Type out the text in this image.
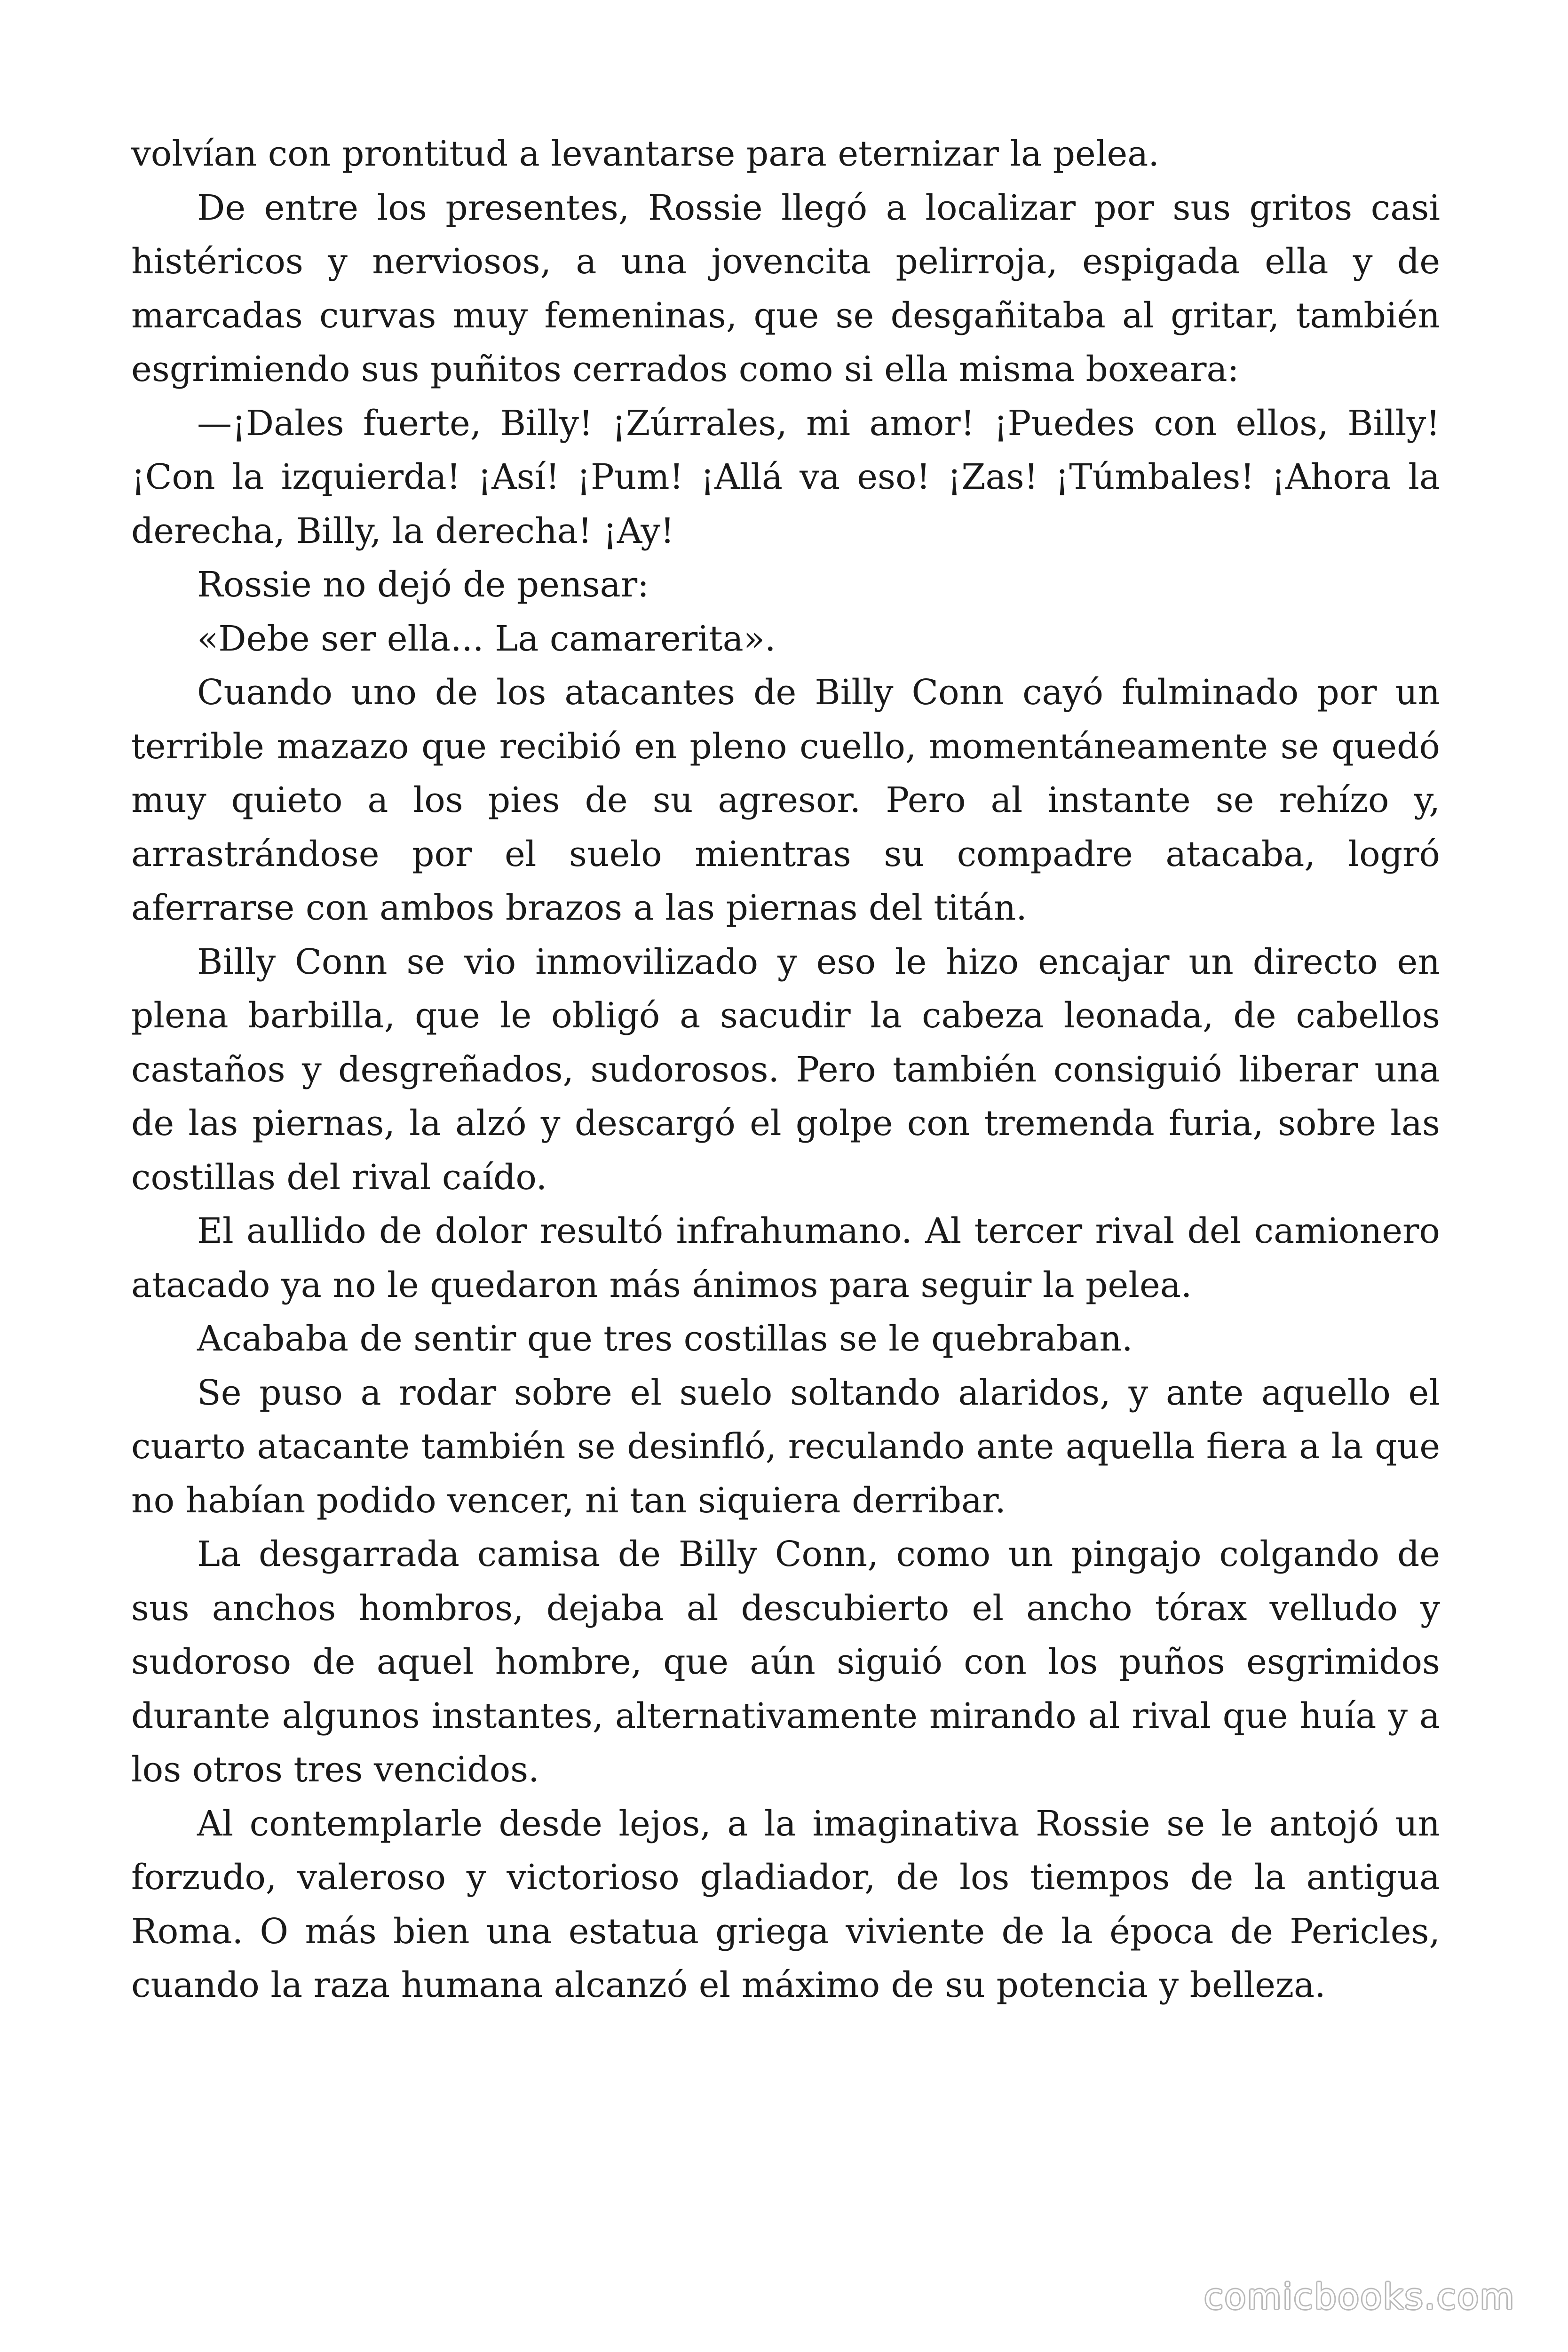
volvían con prontitud a levantarse para eternizar la pelea.

De entre los presentes, Rossie llegó a localizar por sus gritos casi histéricos y nerviosos, a una jovencita pelirroja, espigada ella y de marcadas curvas muy femeninas, que se desgañitaba al gritar, también esgrimiendo sus puñitos cerrados como si ella misma boxeara:

—¡Dales fuerte, Billy! ¡Zúrrales, mi amor! ¡Puedes con ellos, Billy! ¡Con la izquierda! ¡Así! ¡Pum! ¡Allá va eso! ¡Zas! ¡Túmbales! ¡Ahora la derecha, Billy, la derecha! ¡Ay!

Rossie no dejó de pensar:

«Debe ser ella... La camarerita».

Cuando uno de los atacantes de Billy Conn cayó fulminado por un terrible mazazo que recibió en pleno cuello, momentáneamente se quedó muy quieto a los pies de su agresor. Pero al instante se rehízo y, arrastrándose por el suelo mientras su compadre atacaba, logró aferrarse con ambos brazos a las piernas del titán.

Billy Conn se vio inmovilizado y eso le hizo encajar un directo en plena barbilla, que le obligó a sacudir la cabeza leonada, de cabellos castaños y desgreñados, sudorosos. Pero también consiguió liberar una de las piernas, la alzó y descargó el golpe con tremenda furia, sobre las costillas del rival caído.

El aullido de dolor resultó infrahumano. Al tercer rival del camionero atacado ya no le quedaron más ánimos para seguir la pelea.

Acababa de sentir que tres costillas se le quebraban.

Se puso a rodar sobre el suelo soltando alaridos, y ante aquello el cuarto atacante también se desinfló, reculando ante aquella fiera a la que no habían podido vencer, ni tan siquiera derribar.

La desgarrada camisa de Billy Conn, como un pingajo colgando de sus anchos hombros, dejaba al descubierto el ancho tórax velludo y sudoroso de aquel hombre, que aún siguió con los puños esgrimidos durante algunos instantes, alternativamente mirando al rival que huía y a los otros tres vencidos.

Al contemplarle desde lejos, a la imaginativa Rossie se le antojó un forzudo, valeroso y victorioso gladiador, de los tiempos de la antigua Roma. O más bien una estatua griega viviente de la época de Pericles, cuando la raza humana alcanzó el máximo de su potencia y belleza.

comicbooks.com
